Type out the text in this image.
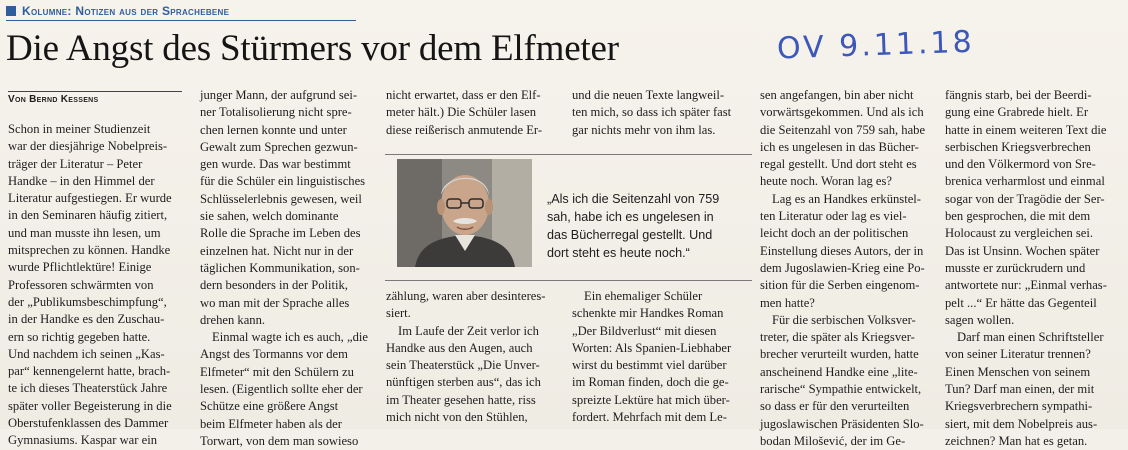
Kolumne: Notizen aus der Sprachebene
Die Angst des Stürmers vor dem Elfmeter	OV 9.11.18
Von Bernd Kessens
Schon in meiner Studienzeit
war der diesjährige Nobelpreis-
träger der Literatur – Peter
Handke – in den Himmel der
Literatur aufgestiegen. Er wurde
in den Seminaren häufig zitiert,
und man musste ihn lesen, um
mitsprechen zu können. Handke
wurde Pflichtlektüre! Einige
Professoren schwärmten von
der „Publikumsbeschimpfung“,
in der Handke es den Zuschau-
ern so richtig gegeben hatte.
Und nachdem ich seinen „Kas-
par“ kennengelernt hatte, brach-
te ich dieses Theaterstück Jahre
später voller Begeisterung in die
Oberstufenklassen des Dammer
Gymnasiums. Kaspar war ein
junger Mann, der aufgrund sei-
ner Totalisolierung nicht spre-
chen lernen konnte und unter
Gewalt zum Sprechen gezwun-
gen wurde. Das war bestimmt
für die Schüler ein linguistisches
Schlüsselerlebnis gewesen, weil
sie sahen, welch dominante
Rolle die Sprache im Leben des
einzelnen hat. Nicht nur in der
täglichen Kommunikation, son-
dern besonders in der Politik,
wo man mit der Sprache alles
drehen kann.
Einmal wagte ich es auch, „die
Angst des Tormanns vor dem
Elfmeter“ mit den Schülern zu
lesen. (Eigentlich sollte eher der
Schütze eine größere Angst
beim Elfmeter haben als der
Torwart, von dem man sowieso
nicht erwartet, dass er den Elf-
meter hält.) Die Schüler lasen
diese reißerisch anmutende Er-
zählung, waren aber desinteres-
siert.
Im Laufe der Zeit verlor ich
Handke aus den Augen, auch
sein Theaterstück „Die Unver-
nünftigen sterben aus“, das ich
im Theater gesehen hatte, riss
mich nicht von den Stühlen,
und die neuen Texte langweil-
ten mich, so dass ich später fast
gar nichts mehr von ihm las.
Ein ehemaliger Schüler
schenkte mir Handkes Roman
„Der Bildverlust“ mit diesen
Worten: Als Spanien-Liebhaber
wirst du bestimmt viel darüber
im Roman finden, doch die ge-
spreizte Lektüre hat mich über-
fordert. Mehrfach mit dem Le-
sen angefangen, bin aber nicht
vorwärtsgekommen. Und als ich
die Seitenzahl von 759 sah, habe
ich es ungelesen in das Bücher-
regal gestellt. Und dort steht es
heute noch. Woran lag es?
Lag es an Handkes erkünstel-
ten Literatur oder lag es viel-
leicht doch an der politischen
Einstellung dieses Autors, der in
dem Jugoslawien-Krieg eine Po-
sition für die Serben eingenom-
men hatte?
Für die serbischen Volksver-
treter, die später als Kriegsver-
brecher verurteilt wurden, hatte
anscheinend Handke eine „lite-
rarische“ Sympathie entwickelt,
so dass er für den verurteilten
jugoslawischen Präsidenten Slo-
bodan Milošević, der im Ge-
fängnis starb, bei der Beerdi-
gung eine Grabrede hielt. Er
hatte in einem weiteren Text die
serbischen Kriegsverbrechen
und den Völkermord von Sre-
brenica verharmlost und einmal
sogar von der Tragödie der Ser-
ben gesprochen, die mit dem
Holocaust zu vergleichen sei.
Das ist Unsinn. Wochen später
musste er zurückrudern und
antwortete nur: „Einmal verhas-
pelt ...“ Er hätte das Gegenteil
sagen wollen.
Darf man einen Schriftsteller
von seiner Literatur trennen?
Einen Menschen von seinem
Tun? Darf man einen, der mit
Kriegsverbrechern sympathi-
siert, mit dem Nobelpreis aus-
zeichnen? Man hat es getan.
„Als ich die Seitenzahl von 759
sah, habe ich es ungelesen in
das Bücherregal gestellt. Und
dort steht es heute noch.“
